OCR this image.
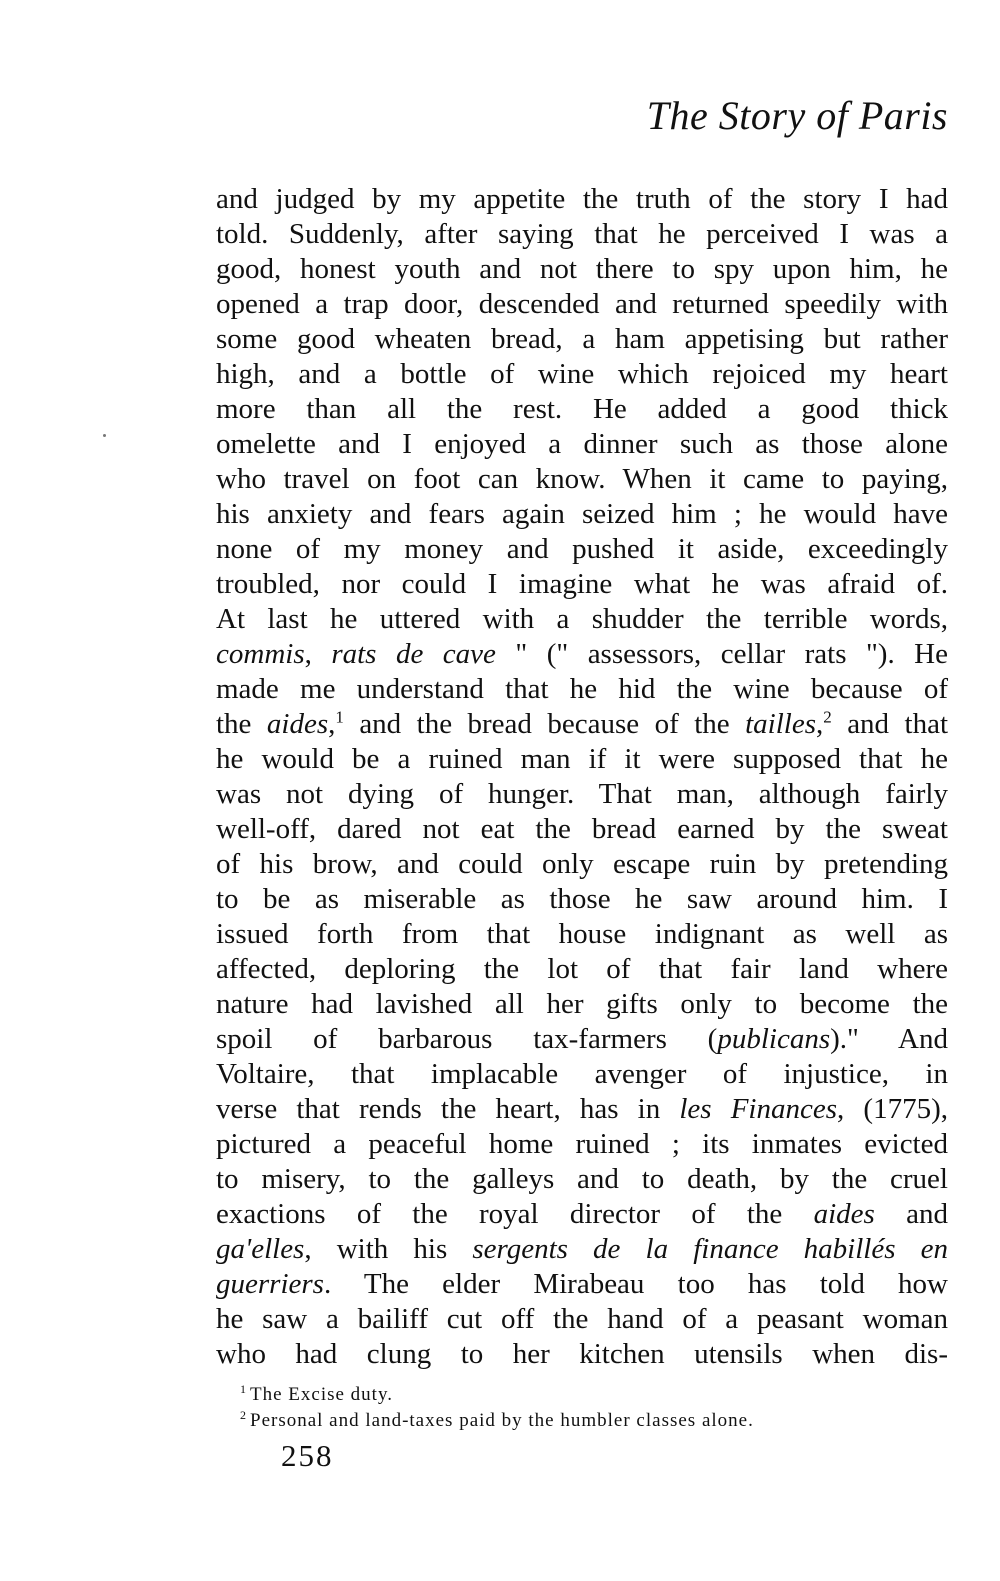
The Story of Paris
and judged by my appetite the truth of the story I had
told. Suddenly, after saying that he perceived I was a
good, honest youth and not there to spy upon him, he
opened a trap door, descended and returned speedily with
some good wheaten bread, a ham appetising but rather
high, and a bottle of wine which rejoiced my heart
more than all the rest. He added a good thick
omelette and I enjoyed a dinner such as those alone
who travel on foot can know. When it came to paying,
his anxiety and fears again seized him ; he would have
none of my money and pushed it aside, exceedingly
troubled, nor could I imagine what he was afraid of.
At last he uttered with a shudder the terrible words,
commis, rats de cave " (" assessors, cellar rats "). He
made me understand that he hid the wine because of
the aides,$^1$ and the bread because of the tailles,$^2$ and that
he would be a ruined man if it were supposed that he
was not dying of hunger. That man, although fairly
well-off, dared not eat the bread earned by the sweat
of his brow, and could only escape ruin by pretending
to be as miserable as those he saw around him. I
issued forth from that house indignant as well as
affected, deploring the lot of that fair land where
nature had lavished all her gifts only to become the
spoil of barbarous tax-farmers (publicans)." And
Voltaire, that implacable avenger of injustice, in
verse that rends the heart, has in les Finances, (1775),
pictured a peaceful home ruined ; its inmates evicted
to misery, to the galleys and to death, by the cruel
exactions of the royal director of the aides and
ga'elles, with his sergents de la finance habillés en
guerriers. The elder Mirabeau too has told how
he saw a bailiff cut off the hand of a peasant woman
who had clung to her kitchen utensils when dis-
$^1$ The Excise duty.
$^2$ Personal and land-taxes paid by the humbler classes alone.
258
